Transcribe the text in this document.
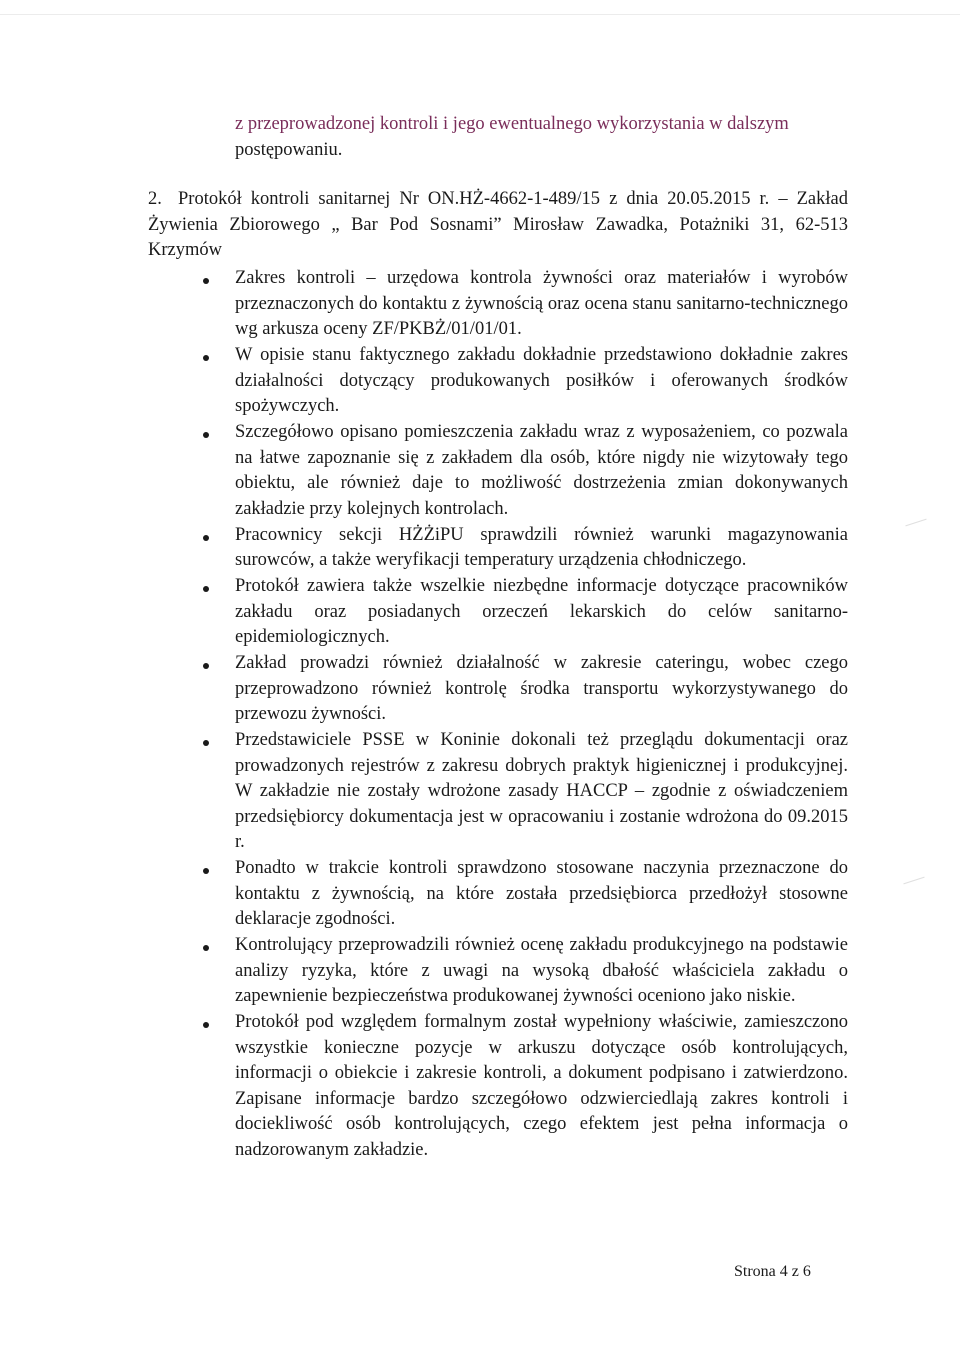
z przeprowadzonej kontroli i jego ewentualnego wykorzystania w dalszym
postępowaniu.

2. Protokół kontroli sanitarnej Nr ON.HŻ-4662-1-489/15 z dnia 20.05.2015 r. – Zakład Żywienia Zbiorowego „ Bar Pod Sosnami” Mirosław Zawadka, Potażniki 31, 62-513 Krzymów

Zakres kontroli – urzędowa kontrola żywności oraz materiałów i wyrobów przeznaczonych do kontaktu z żywnością oraz ocena stanu sanitarno-technicznego wg arkusza oceny ZF/PKBŻ/01/01/01.
W opisie stanu faktycznego zakładu dokładnie przedstawiono dokładnie zakres działalności dotyczący produkowanych posiłków i oferowanych środków spożywczych.
Szczegółowo opisano pomieszczenia zakładu wraz z wyposażeniem, co pozwala na łatwe zapoznanie się z zakładem dla osób, które nigdy nie wizytowały tego obiektu, ale również daje to możliwość dostrzeżenia zmian dokonywanych zakładzie przy kolejnych kontrolach.
Pracownicy sekcji HŻŻiPU sprawdzili również warunki magazynowania surowców, a także weryfikacji temperatury urządzenia chłodniczego.
Protokół zawiera także wszelkie niezbędne informacje dotyczące pracowników zakładu oraz posiadanych orzeczeń lekarskich do celów sanitarno-epidemiologicznych.
Zakład prowadzi również działalność w zakresie cateringu, wobec czego przeprowadzono również kontrolę środka transportu wykorzystywanego do przewozu żywności.
Przedstawiciele PSSE w Koninie dokonali też przeglądu dokumentacji oraz prowadzonych rejestrów z zakresu dobrych praktyk higienicznej i produkcyjnej. W zakładzie nie zostały wdrożone zasady HACCP – zgodnie z oświadczeniem przedsiębiorcy dokumentacja jest w opracowaniu i zostanie wdrożona do 09.2015 r.
Ponadto w trakcie kontroli sprawdzono stosowane naczynia przeznaczone do kontaktu z żywnością, na które została przedsiębiorca przedłożył stosowne deklaracje zgodności.
Kontrolujący przeprowadzili również ocenę zakładu produkcyjnego na podstawie analizy ryzyka, które z uwagi na wysoką dbałość właściciela zakładu o zapewnienie bezpieczeństwa produkowanej żywności oceniono jako niskie.
Protokół pod względem formalnym został wypełniony właściwie, zamieszczono wszystkie konieczne pozycje w arkuszu dotyczące osób kontrolujących, informacji o obiekcie i zakresie kontroli, a dokument podpisano i zatwierdzono. Zapisane informacje bardzo szczegółowo odzwierciedlają zakres kontroli i dociekliwość osób kontrolujących, czego efektem jest pełna informacja o nadzorowanym zakładzie.
Strona 4 z 6
